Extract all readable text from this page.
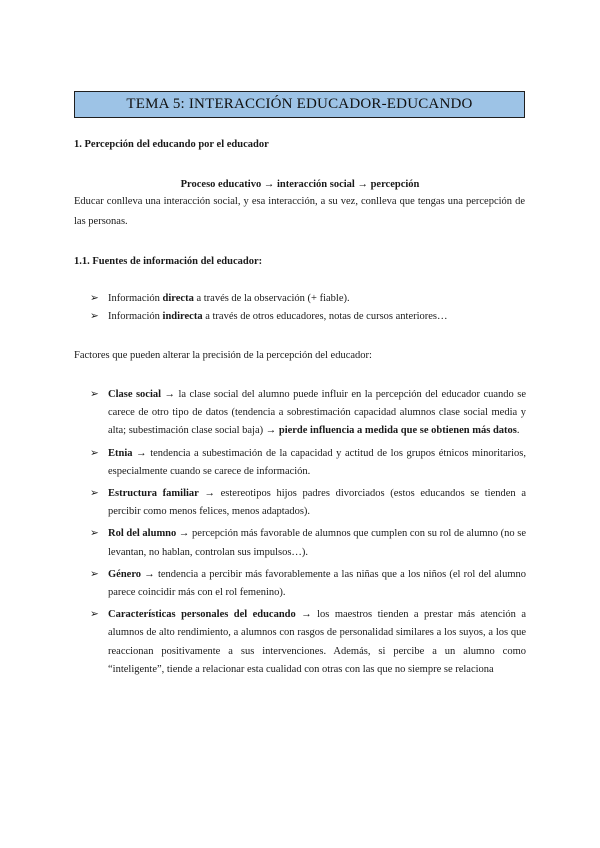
TEMA 5: INTERACCIÓN EDUCADOR-EDUCANDO
1. Percepción del educando por el educador
Proceso educativo → interacción social → percepción
Educar conlleva una interacción social, y esa interacción, a su vez, conlleva que tengas una percepción de las personas.
1.1. Fuentes de información del educador:
➢ Información directa a través de la observación (+ fiable).
➢ Información indirecta a través de otros educadores, notas de cursos anteriores…
Factores que pueden alterar la precisión de la percepción del educador:
➢ Clase social → la clase social del alumno puede influir en la percepción del educador cuando se carece de otro tipo de datos (tendencia a sobrestimación capacidad alumnos clase social media y alta; subestimación clase social baja) → pierde influencia a medida que se obtienen más datos.
➢ Etnia → tendencia a subestimación de la capacidad y actitud de los grupos étnicos minoritarios, especialmente cuando se carece de información.
➢ Estructura familiar → estereotipos hijos padres divorciados (estos educandos se tienden a percibir como menos felices, menos adaptados).
➢ Rol del alumno → percepción más favorable de alumnos que cumplen con su rol de alumno (no se levantan, no hablan, controlan sus impulsos…).
➢ Género → tendencia a percibir más favorablemente a las niñas que a los niños (el rol del alumno parece coincidir más con el rol femenino).
➢ Características personales del educando → los maestros tienden a prestar más atención a alumnos de alto rendimiento, a alumnos con rasgos de personalidad similares a los suyos, a los que reaccionan positivamente a sus intervenciones. Además, si percibe a un alumno como “inteligente”, tiende a relacionar esta cualidad con otras con las que no siempre se relaciona
